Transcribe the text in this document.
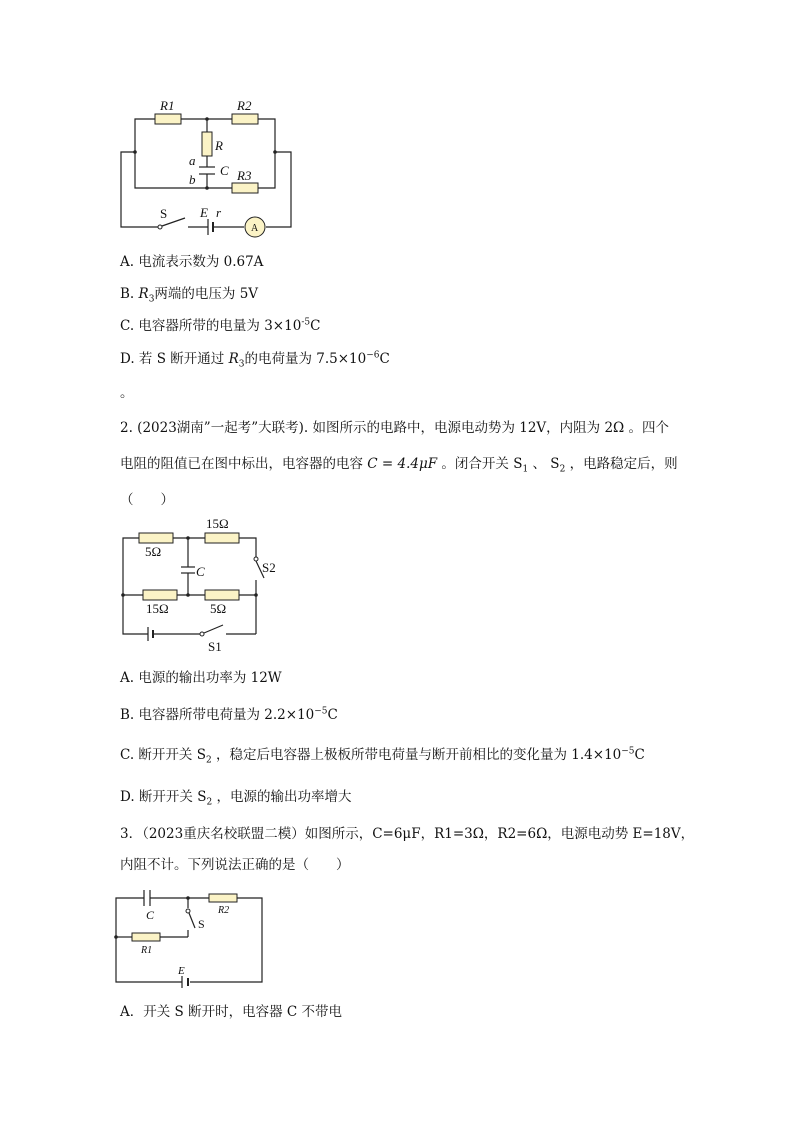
R1	R2
R
a
C
b	R3
S	E r
A
A. 电流表示数为 0.67A
B. $R_3$两端的电压为 5V
C. 电容器所带的电量为 $3\times 10^{-5}C$
D. 若 S 断开通过 $R_3$的电荷量为 $7.5\times 10^{-6}C$
。
2. (2023湖南”一起考”大联考). 如图所示的电路中，电源电动势为 12V，内阻为 2Ω 。四个
电阻的阻值已在图中标出，电容器的电容 C = 4.4μF 。闭合开关 $S_1$ 、 $S_2$ ，电路稳定后，则
（　　）
15Ω
5Ω
C	S2
15Ω	5Ω
S1
A. 电源的输出功率为 12W
B. 电容器所带电荷量为 $2.2\times 10^{-5}C$
C. 断开开关 $S_2$ ，稳定后电容器上极板所带电荷量与断开前相比的变化量为 $1.4\times 10^{-5}C$
D. 断开开关 $S_2$ ，电源的输出功率增大
3．（2023重庆名校联盟二模）如图所示，C=6μF，R1=3Ω，R2=6Ω，电源电动势 E=18V，
内阻不计。下列说法正确的是（　　）
C	R2
S
R1
E
A．开关 S 断开时，电容器 C 不带电
